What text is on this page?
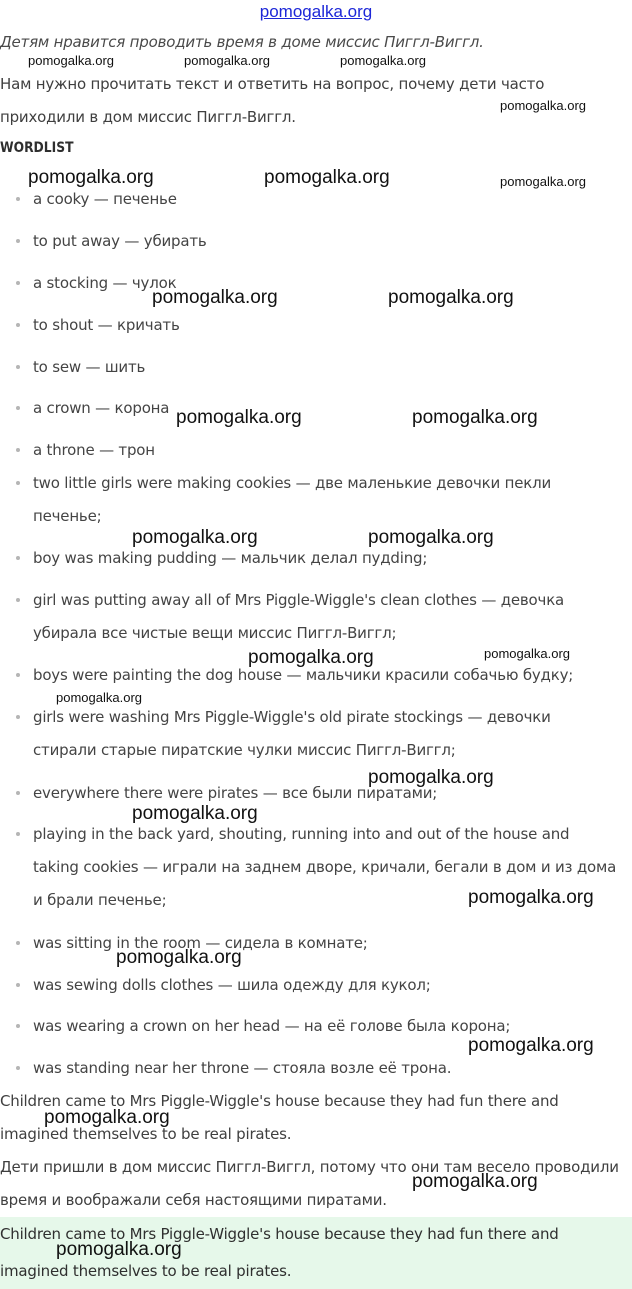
pomogalka.org
Детям нравится проводить время в доме миссис Пиггл-Виггл.
Нам нужно прочитать текст и ответить на вопрос, почему дети часто
приходили в дом миссис Пиггл-Виггл.
WORDLIST
a cooky — печенье
to put away — убирать
a stocking — чулок
to shout — кричать
to sew — шить
a crown — корона
a throne — трон
two little girls were making cookies — две маленькие девочки пекли
печенье;
boy was making pudding — мальчик делал пудding;
girl was putting away all of Mrs Piggle-Wiggle's clean clothes — девочка
убирала все чистые вещи миссис Пиггл-Виггл;
boys were painting the dog house — мальчики красили собачью будку;
girls were washing Mrs Piggle-Wiggle's old pirate stockings — девочки
стирали старые пиратские чулки миссис Пиггл-Виггл;
everywhere there were pirates — все были пиратами;
playing in the back yard, shouting, running into and out of the house and
taking cookies — играли на заднем дворе, кричали, бегали в дом и из дома
и брали печенье;
was sitting in the room — сидела в комнате;
was sewing dolls clothes — шила одежду для кукол;
was wearing a crown on her head — на её голове была корона;
was standing near her throne — стояла возле её трона.
Children came to Mrs Piggle-Wiggle's house because they had fun there and
imagined themselves to be real pirates.
Дети пришли в дом миссис Пиггл-Виггл, потому что они там весело проводили
время и воображали себя настоящими пиратами.
Children came to Mrs Piggle-Wiggle's house because they had fun there and
imagined themselves to be real pirates.
pomogalka.org	pomogalka.org	pomogalka.org
pomogalka.org
pomogalka.org	pomogalka.org	pomogalka.org
pomogalka.org	pomogalka.org
pomogalka.org	pomogalka.org
pomogalka.org	pomogalka.org
pomogalka.org	pomogalka.org
pomogalka.org
pomogalka.org
pomogalka.org
pomogalka.org
pomogalka.org
pomogalka.org
pomogalka.org
pomogalka.org
pomogalka.org
